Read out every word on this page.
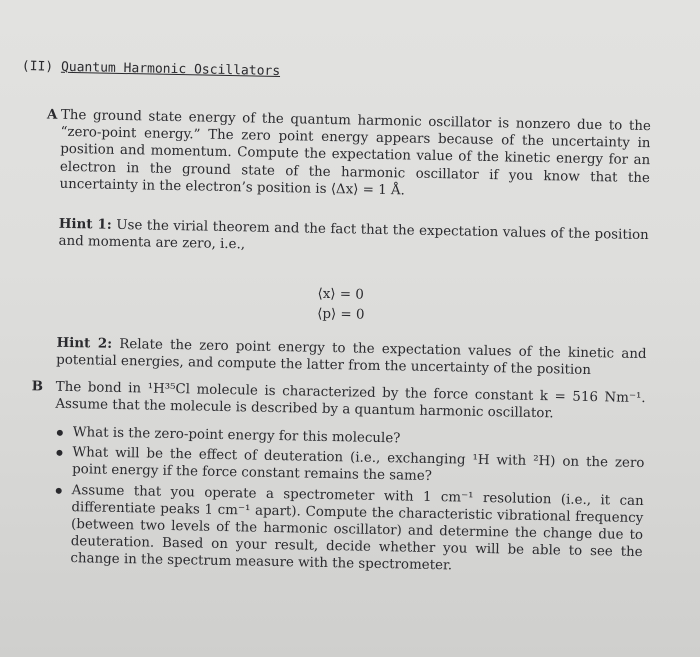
(II) Quantum Harmonic Oscillators
A The ground state energy of the quantum harmonic oscillator is nonzero due to the “zero-point energy.” The zero point energy appears because of the uncertainty in position and momentum. Compute the expectation value of the kinetic energy for an electron in the ground state of the harmonic oscillator if you know that the uncertainty in the electron’s position is ⟨Δx⟩ = 1 Å.
Hint 1: Use the virial theorem and the fact that the expectation values of the position and momenta are zero, i.e.,
⟨x⟩ = 0
⟨p⟩ = 0
Hint 2: Relate the zero point energy to the expectation values of the kinetic and potential energies, and compute the latter from the uncertainty of the position
B The bond in ¹H³⁵Cl molecule is characterized by the force constant k = 516 Nm⁻¹. Assume that the molecule is described by a quantum harmonic oscillator.
What is the zero-point energy for this molecule?
What will be the effect of deuteration (i.e., exchanging ¹H with ²H) on the zero point energy if the force constant remains the same?
Assume that you operate a spectrometer with 1 cm⁻¹ resolution (i.e., it can differentiate peaks 1 cm⁻¹ apart). Compute the characteristic vibrational frequency (between two levels of the harmonic oscillator) and determine the change due to deuteration. Based on your result, decide whether you will be able to see the change in the spectrum measure with the spectrometer.
